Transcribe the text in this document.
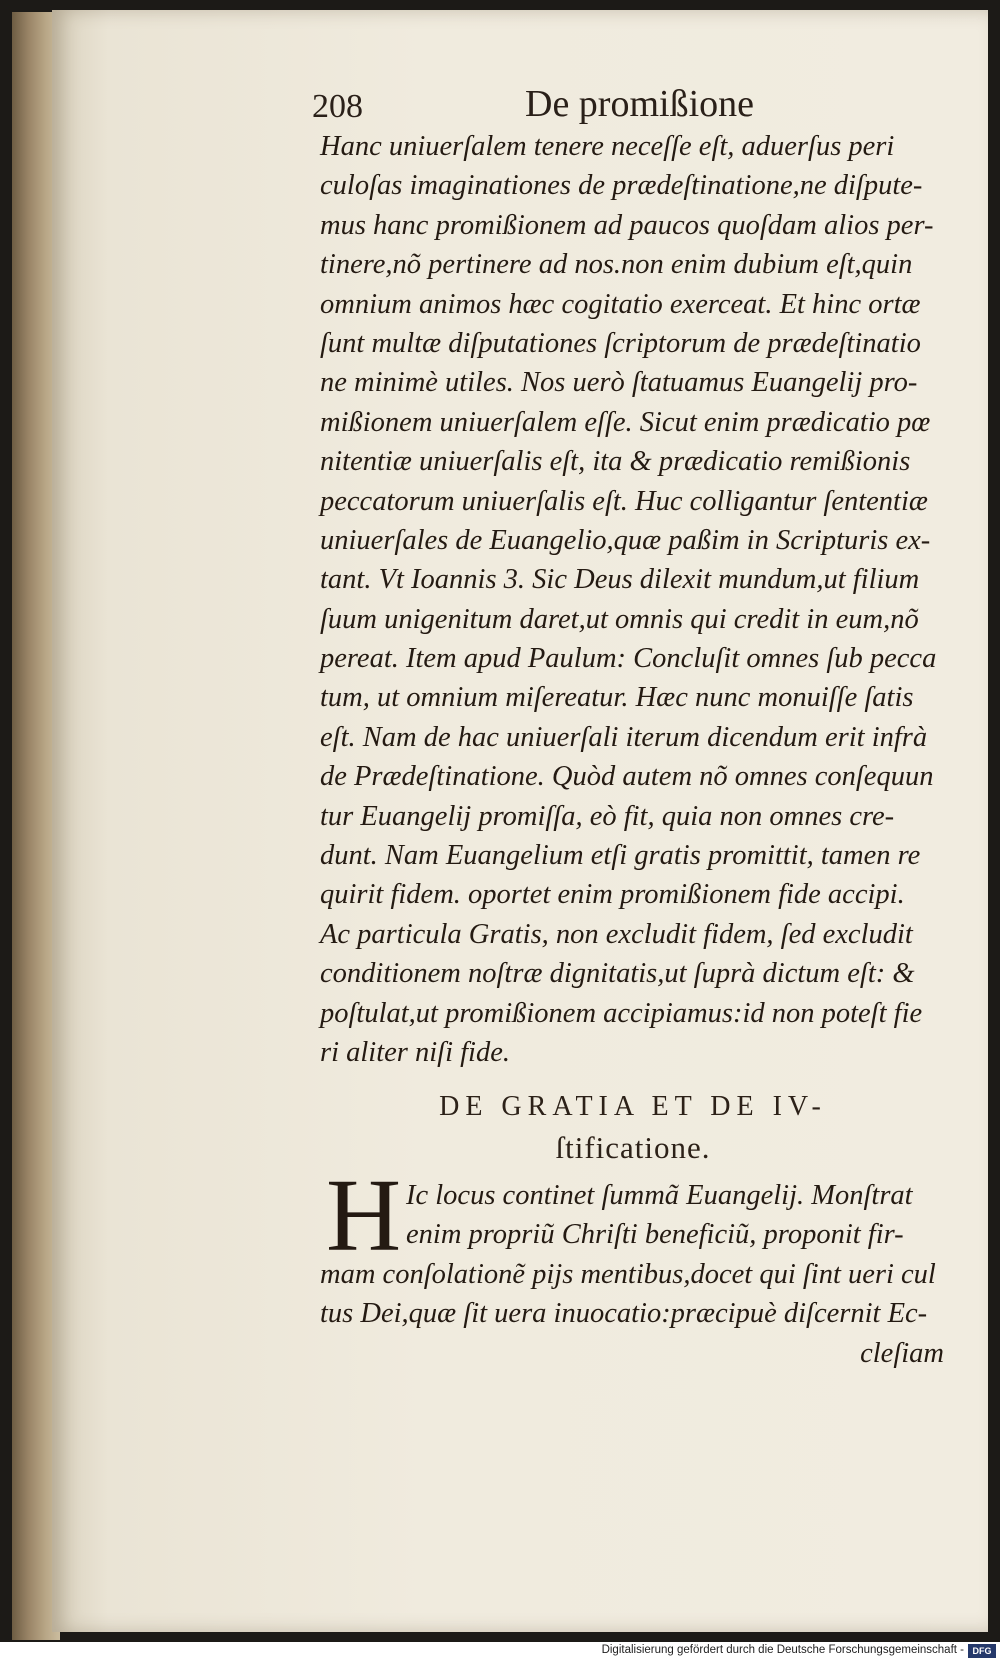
208	De promißione
Hanc uniuerſalem tenere neceſſe eſt, aduerſus peri
culoſas imaginationes de prædeſtinatione,ne diſpute-
mus hanc promißionem ad paucos quoſdam alios per-
tinere,nõ pertinere ad nos.non enim dubium eſt,quin
omnium animos hæc cogitatio exerceat. Et hinc ortæ
ſunt multæ diſputationes ſcriptorum de prædeſtinatio
ne minimè utiles. Nos uerò ſtatuamus Euangelij pro-
mißionem uniuerſalem eſſe. Sicut enim prædicatio pœ
nitentiæ uniuerſalis eſt, ita & prædicatio remißionis
peccatorum uniuerſalis eſt. Huc colligantur ſententiæ
uniuerſales de Euangelio,quæ paßim in Scripturis ex-
tant. Vt Ioannis 3. Sic Deus dilexit mundum,ut filium
ſuum unigenitum daret,ut omnis qui credit in eum,nõ
pereat. Item apud Paulum: Concluſit omnes ſub pecca
tum, ut omnium miſereatur. Hæc nunc monuiſſe ſatis
eſt. Nam de hac uniuerſali iterum dicendum erit infrà
de Prædeſtinatione. Quòd autem nõ omnes conſequun
tur Euangelij promiſſa, eò fit, quia non omnes cre-
dunt. Nam Euangelium etſi gratis promittit, tamen re
quirit fidem. oportet enim promißionem fide accipi.
Ac particula Gratis, non excludit fidem, ſed excludit
conditionem noſtræ dignitatis,ut ſuprà dictum eſt: &
poſtulat,ut promißionem accipiamus:id non poteſt fie
ri aliter niſi fide.
DE GRATIA ET DE IV-
ſtificatione.
H Ic locus continet ſummã Euangelij. Monſtrat
enim propriũ Chriſti beneficiũ, proponit fir-
mam conſolationẽ pijs mentibus,docet qui ſint ueri cul
tus Dei,quæ ſit uera inuocatio:præcipuè diſcernit Ec-
cleſiam
Digitalisierung gefördert durch die Deutsche Forschungsgemeinschaft - DFG
